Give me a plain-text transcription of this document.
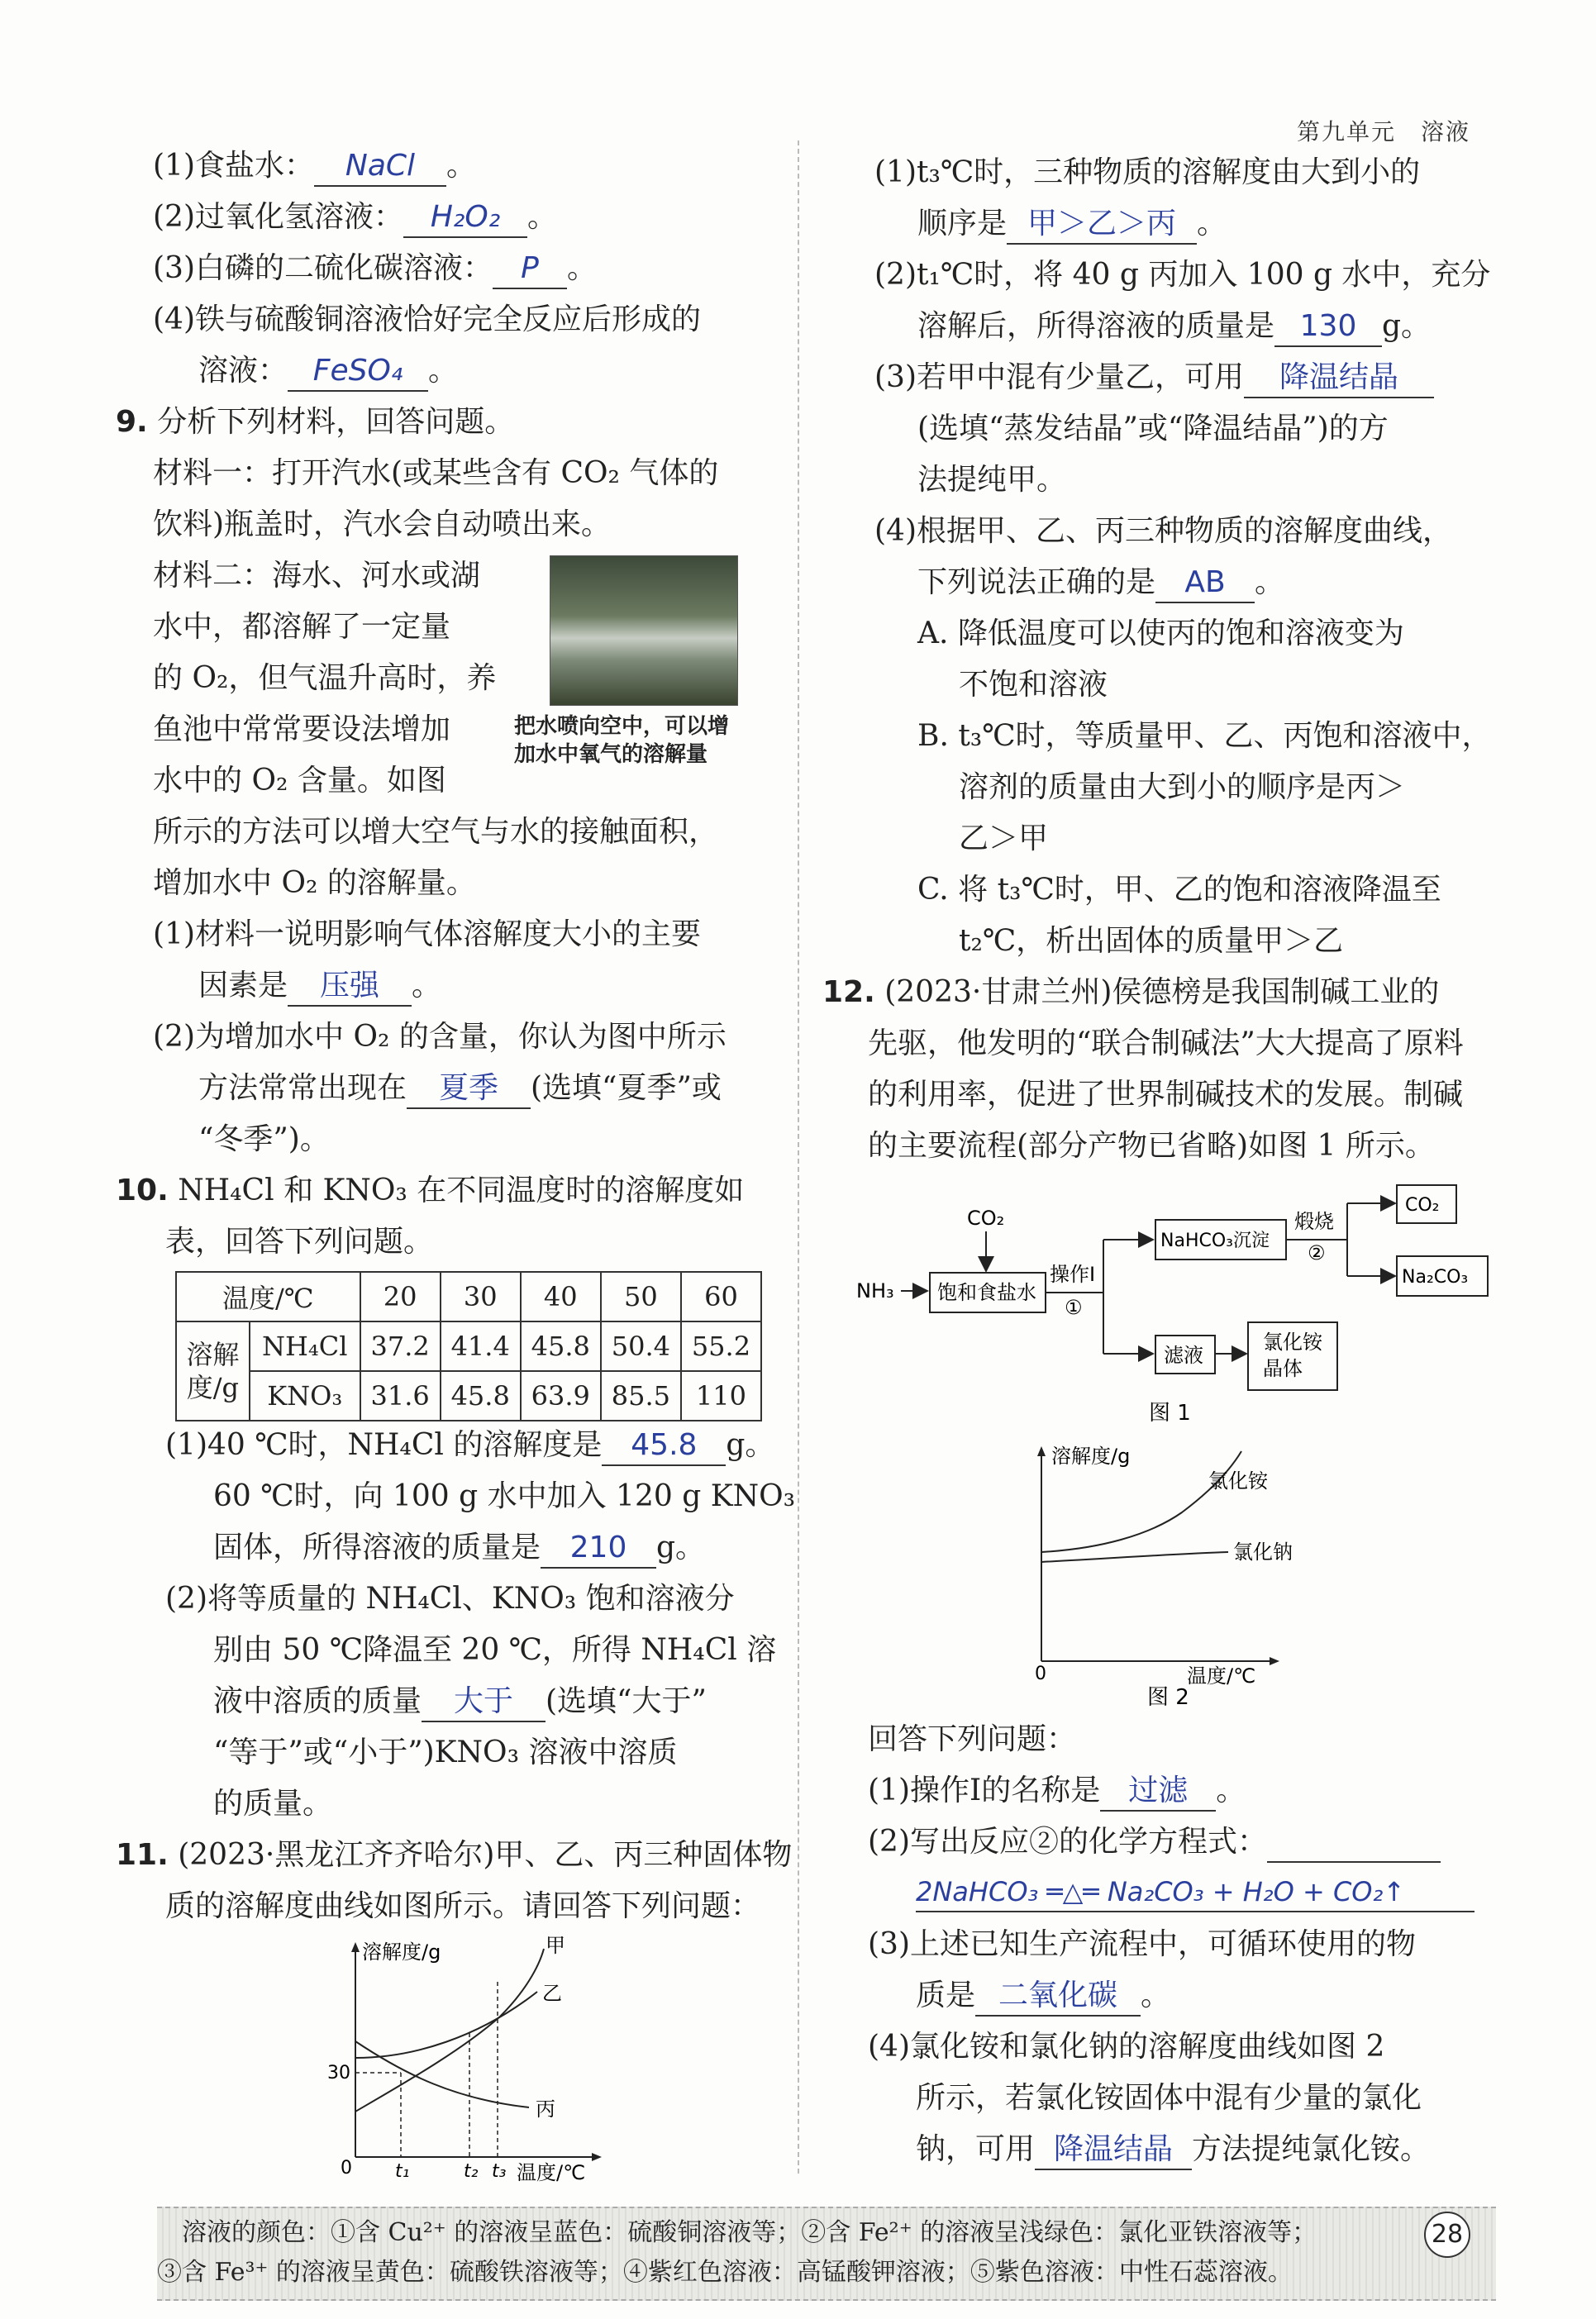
第九单元　溶液
(1)食盐水： NaCl 。
(2)过氧化氢溶液： H₂O₂ 。
(3)白磷的二硫化碳溶液： P 。
(4)铁与硫酸铜溶液恰好完全反应后形成的
溶液： FeSO₄ 。
9. 分析下列材料，回答问题。
材料一：打开汽水(或某些含有 CO₂ 气体的
饮料)瓶盖时，汽水会自动喷出来。
材料二：海水、河水或湖
水中，都溶解了一定量
的 O₂，但气温升高时，养
鱼池中常常要设法增加
水中的 O₂ 含量。如图
把水喷向空中，可以增
加水中氧气的溶解量
所示的方法可以增大空气与水的接触面积，
增加水中 O₂ 的溶解量。
(1)材料一说明影响气体溶解度大小的主要
因素是 压强 。
(2)为增加水中 O₂ 的含量，你认为图中所示
方法常常出现在 夏季 (选填“夏季”或
“冬季”)。
10. NH₄Cl 和 KNO₃ 在不同温度时的溶解度如
表，回答下列问题。
温度/℃		20	30	40	50	60
溶解
度/g	NH₄Cl	37.2	41.4	45.8	50.4	55.2
	KNO₃	31.6	45.8	63.9	85.5	110
(1)40 ℃时，NH₄Cl 的溶解度是 45.8 g。
60 ℃时，向 100 g 水中加入 120 g KNO₃
固体，所得溶液的质量是 210 g。
(2)将等质量的 NH₄Cl、KNO₃ 饱和溶液分
别由 50 ℃降温至 20 ℃，所得 NH₄Cl 溶
液中溶质的质量 大于 (选填“大于”
“等于”或“小于”)KNO₃ 溶液中溶质
的质量。
11. (2023·黑龙江齐齐哈尔)甲、乙、丙三种固体物
质的溶解度曲线如图所示。请回答下列问题：
溶解度/g
温度/℃
0
30
t₁	t₂ t₃
甲
乙
丙
(1)t₃℃时，三种物质的溶解度由大到小的
顺序是 甲＞乙＞丙 。
(2)t₁℃时，将 40 g 丙加入 100 g 水中，充分
溶解后，所得溶液的质量是 130 g。
(3)若甲中混有少量乙，可用 降温结晶
(选填“蒸发结晶”或“降温结晶”)的方
法提纯甲。
(4)根据甲、乙、丙三种物质的溶解度曲线，
下列说法正确的是 AB 。
A. 降低温度可以使丙的饱和溶液变为
不饱和溶液
B. t₃℃时，等质量甲、乙、丙饱和溶液中，
溶剂的质量由大到小的顺序是丙＞
乙＞甲
C. 将 t₃℃时，甲、乙的饱和溶液降温至
t₂℃，析出固体的质量甲＞乙
12. (2023·甘肃兰州)侯德榜是我国制碱工业的
先驱，他发明的“联合制碱法”大大提高了原料
的利用率，促进了世界制碱技术的发展。制碱
的主要流程(部分产物已省略)如图 1 所示。
NH₃
CO₂
饱和食盐水
操作Ⅰ
①
NaHCO₃沉淀
煅烧
②
CO₂
Na₂CO₃
滤液
氯化铵
晶体
图 1
溶解度/g
温度/℃
0
氯化铵
氯化钠
图 2
回答下列问题：
(1)操作Ⅰ的名称是 过滤 。
(2)写出反应②的化学方程式：
2NaHCO₃ ═△═ Na₂CO₃ + H₂O + CO₂↑
(3)上述已知生产流程中，可循环使用的物
质是 二氧化碳 。
(4)氯化铵和氯化钠的溶解度曲线如图 2
所示，若氯化铵固体中混有少量的氯化
钠，可用 降温结晶 方法提纯氯化铵。
溶液的颜色：①含 Cu²⁺ 的溶液呈蓝色：硫酸铜溶液等；②含 Fe²⁺ 的溶液呈浅绿色：氯化亚铁溶液等；
③含 Fe³⁺ 的溶液呈黄色：硫酸铁溶液等；④紫红色溶液：高锰酸钾溶液；⑤紫色溶液：中性石蕊溶液。
28
